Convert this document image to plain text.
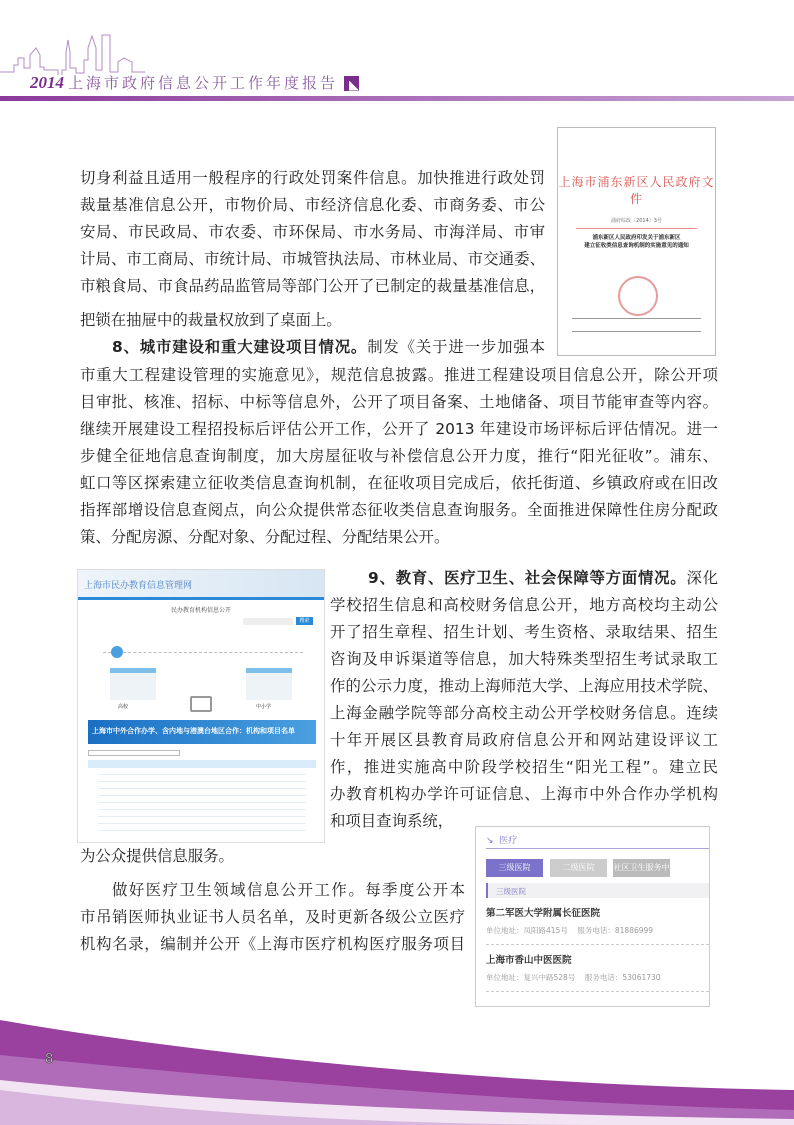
2014 上海市政府信息公开工作年度报告
切身利益且适用一般程序的行政处罚案件信息。加快推进行政处罚
裁量基准信息公开，市物价局、市经济信息化委、市商务委、市公
安局、市民政局、市农委、市环保局、市水务局、市海洋局、市审
计局、市工商局、市统计局、市城管执法局、市林业局、市交通委、
市粮食局、市食品药品监管局等部门公开了已制定的裁量基准信息，
把锁在抽屉中的裁量权放到了桌面上。
8、城市建设和重大建设项目情况。制发《关于进一步加强本
市重大工程建设管理的实施意见》，规范信息披露。推进工程建设项目信息公开，除公开项
目审批、核准、招标、中标等信息外，公开了项目备案、土地储备、项目节能审查等内容。
继续开展建设工程招投标后评估公开工作，公开了 2013 年建设市场评标后评估情况。进一
步健全征地信息查询制度，加大房屋征收与补偿信息公开力度，推行“阳光征收”。浦东、
虹口等区探索建立征收类信息查询机制，在征收项目完成后，依托街道、乡镇政府或在旧改
指挥部增设信息查阅点，向公众提供常态征收类信息查询服务。全面推进保障性住房分配政
策、分配房源、分配对象、分配过程、分配结果公开。
9、教育、医疗卫生、社会保障等方面情况。深化
学校招生信息和高校财务信息公开，地方高校均主动公
开了招生章程、招生计划、考生资格、录取结果、招生
咨询及申诉渠道等信息，加大特殊类型招生考试录取工
作的公示力度，推动上海师范大学、上海应用技术学院、
上海金融学院等部分高校主动公开学校财务信息。连续
十年开展区县教育局政府信息公开和网站建设评议工
作，推进实施高中阶段学校招生“阳光工程”。建立民
办教育机构办学许可证信息、上海市中外合作办学机构
和项目查询系统，
为公众提供信息服务。
做好医疗卫生领域信息公开工作。每季度公开本
市吊销医师执业证书人员名单，及时更新各级公立医疗
机构名录，编制并公开《上海市医疗机构医疗服务项目
上海市浦东新区人民政府文件
浦府综改〔2014〕3号
浦东新区人民政府印发关于浦东新区
建立征收类信息查询机制的实施意见的通知
上海市民办教育信息管理网
民办教育机构信息公开
搜索
高校	中小学
上海市中外合作办学、含内地与港澳台地区合作：机构和项目名单
↘ 医疗
三级医院	二级医院	社区卫生服务中
三级医院
第二军医大学附属长征医院
单位地址：凤阳路415号 服务电话：81886999
上海市香山中医医院
单位地址：复兴中路528号 服务电话：53061730
8
